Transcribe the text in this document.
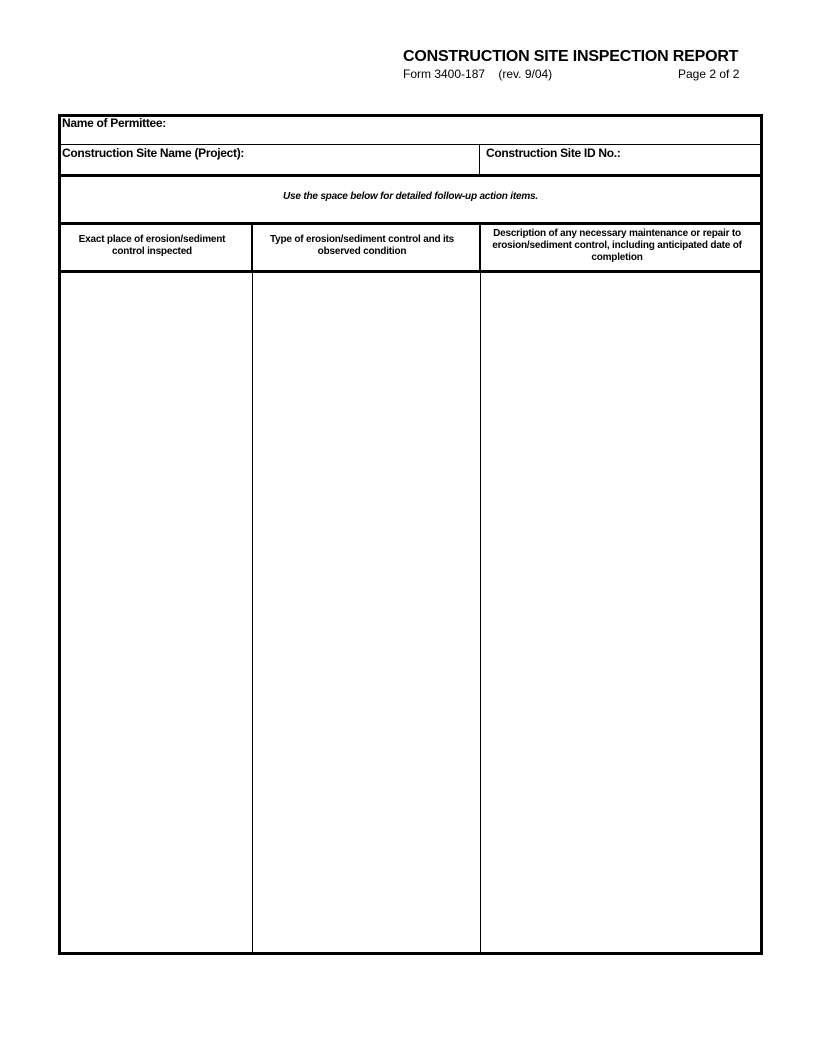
CONSTRUCTION SITE INSPECTION REPORT
Form 3400-187    (rev. 9/04)	Page 2 of 2
Name of Permittee:
Construction Site Name (Project):	Construction Site ID No.:
Use the space below for detailed follow-up action items.
Exact place of erosion/sediment control inspected
Type of erosion/sediment control and its observed condition
Description of any necessary maintenance or repair to erosion/sediment control, including anticipated date of completion
